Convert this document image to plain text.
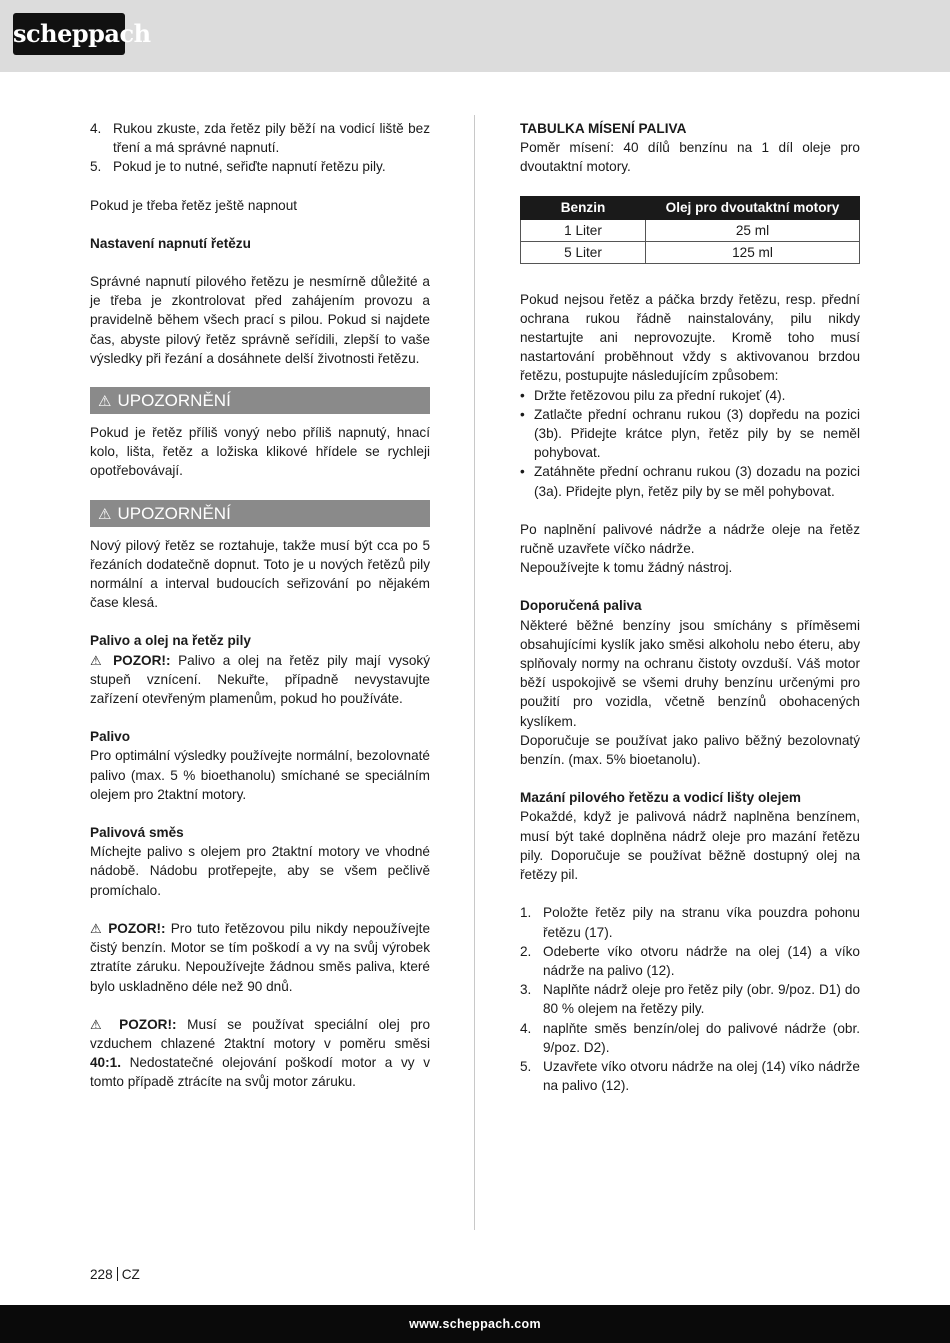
scheppach
4. Rukou zkuste, zda řetěz pily běží na vodicí liště bez tření a má správné napnutí.
5. Pokud je to nutné, seřiďte napnutí řetězu pily.

Pokud je třeba řetěz ještě napnout

Nastavení napnutí řetězu

Správné napnutí pilového řetězu je nesmírně důležité a je třeba je zkontrolovat před zahájením provozu a pravidelně během všech prací s pilou. Pokud si najdete čas, abyste pilový řetěz správně seřídili, zlepší to vaše výsledky při řezání a dosáhnete delší životnosti řetězu.

⚠ UPOZORNĚNÍ

Pokud je řetěz příliš vonyý nebo příliš napnutý, hnací kolo, lišta, řetěz a ložiska klikové hřídele se rychleji opotřebovávají.

⚠ UPOZORNĚNÍ

Nový pilový řetěz se roztahuje, takže musí být cca po 5 řezáních dodatečně dopnut. Toto je u nových řetězů pily normální a interval budoucích seřizování po nějakém čase klesá.

Palivo a olej na řetěz pily

⚠ POZOR!: Palivo a olej na řetěz pily mají vysoký stupeň vznícení. Nekuřte, případně nevystavujte zařízení otevřeným plamenům, pokud ho používáte.

Palivo

Pro optimální výsledky používejte normální, bezolovnaté palivo (max. 5 % bioethanolu) smíchané se speciálním olejem pro 2taktní motory.

Palivová směs

Míchejte palivo s olejem pro 2taktní motory ve vhodné nádobě. Nádobu protřepejte, aby se všem pečlivě promíchalo.

⚠ POZOR!: Pro tuto řetězovou pilu nikdy nepoužívejte čistý benzín. Motor se tím poškodí a vy na svůj výrobek ztratíte záruku. Nepoužívejte žádnou směs paliva, které bylo uskladněno déle než 90 dnů.

⚠ POZOR!: Musí se používat speciální olej pro vzduchem chlazené 2taktní motory v poměru směsi 40:1. Nedostatečné olejování poškodí motor a vy v tomto případě ztrácíte na svůj motor záruku.

TABULKA MÍSENÍ PALIVA

Poměr mísení: 40 dílů benzínu na 1 díl oleje pro dvoutaktní motory.

Benzin	Olej pro dvoutaktní motory
1 Liter	25 ml
5 Liter	125 ml

Pokud nejsou řetěz a páčka brzdy řetězu, resp. přední ochrana rukou řádně nainstalovány, pilu nikdy nestartujte ani neprovozujte. Kromě toho musí nastartování proběhnout vždy s aktivovanou brzdou řetězu, postupujte následujícím způsobem:

• Držte řetězovou pilu za přední rukojeť (4).
• Zatlačte přední ochranu rukou (3) dopředu na pozici (3b). Přidejte krátce plyn, řetěz pily by se neměl pohybovat.
• Zatáhněte přední ochranu rukou (3) dozadu na pozici (3a). Přidejte plyn, řetěz pily by se měl pohybovat.

Po naplnění palivové nádrže a nádrže oleje na řetěz ručně uzavřete víčko nádrže.

Nepoužívejte k tomu žádný nástroj.

Doporučená paliva

Některé běžné benzíny jsou smíchány s příměsemi obsahujícími kyslík jako směsi alkoholu nebo éteru, aby splňovaly normy na ochranu čistoty ovzduší. Váš motor běží uspokojivě se všemi druhy benzínu určenými pro použití pro vozidla, včetně benzínů obohacených kyslíkem.

Doporučuje se používat jako palivo běžný bezolovnatý benzín. (max. 5% bioetanolu).

Mazání pilového řetězu a vodicí lišty olejem

Pokaždé, když je palivová nádrž naplněna benzínem, musí být také doplněna nádrž oleje pro mazání řetězu pily. Doporučuje se používat běžně dostupný olej na řetězy pil.

1. Položte řetěz pily na stranu víka pouzdra pohonu řetězu (17).
2. Odeberte víko otvoru nádrže na olej (14) a víko nádrže na palivo (12).
3. Naplňte nádrž oleje pro řetěz pily (obr. 9/poz. D1) do 80 % olejem na řetězy pily.
4. naplňte směs benzín/olej do palivové nádrže (obr. 9/poz. D2).
5. Uzavřete víko otvoru nádrže na olej (14) víko nádrže na palivo (12).
228 CZ
www.scheppach.com
